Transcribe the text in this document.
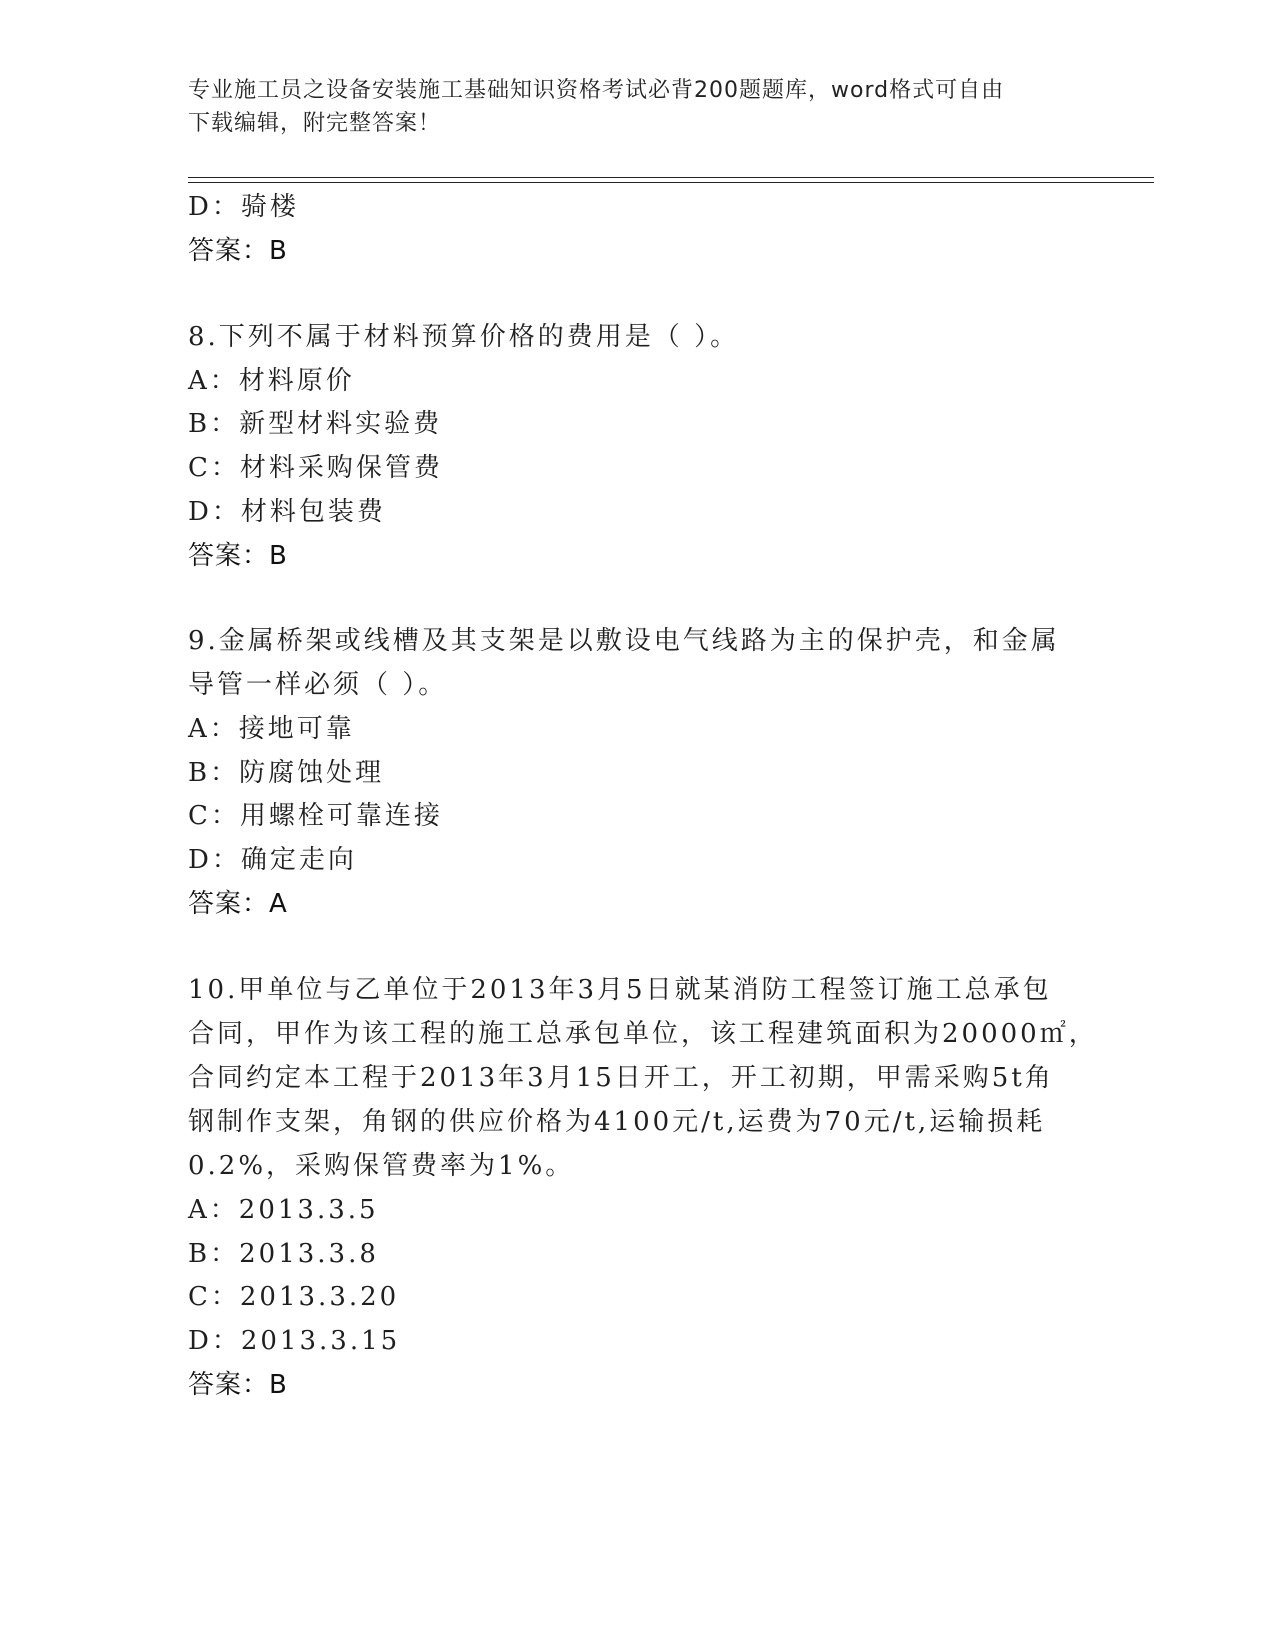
专业施工员之设备安装施工基础知识资格考试必背200题题库，word格式可自由
下载编辑，附完整答案！
D：骑楼
答案：B
8.下列不属于材料预算价格的费用是（ ）。
A：材料原价
B：新型材料实验费
C：材料采购保管费
D：材料包装费
答案：B
9.金属桥架或线槽及其支架是以敷设电气线路为主的保护壳，和金属
导管一样必须（ ）。
A：接地可靠
B：防腐蚀处理
C：用螺栓可靠连接
D：确定走向
答案：A
10.甲单位与乙单位于2013年3月5日就某消防工程签订施工总承包
合同，甲作为该工程的施工总承包单位，该工程建筑面积为20000㎡，
合同约定本工程于2013年3月15日开工，开工初期，甲需采购5t角
钢制作支架，角钢的供应价格为4100元/t,运费为70元/t,运输损耗
0.2%，采购保管费率为1%。
A：2013.3.5
B：2013.3.8
C：2013.3.20
D：2013.3.15
答案：B
